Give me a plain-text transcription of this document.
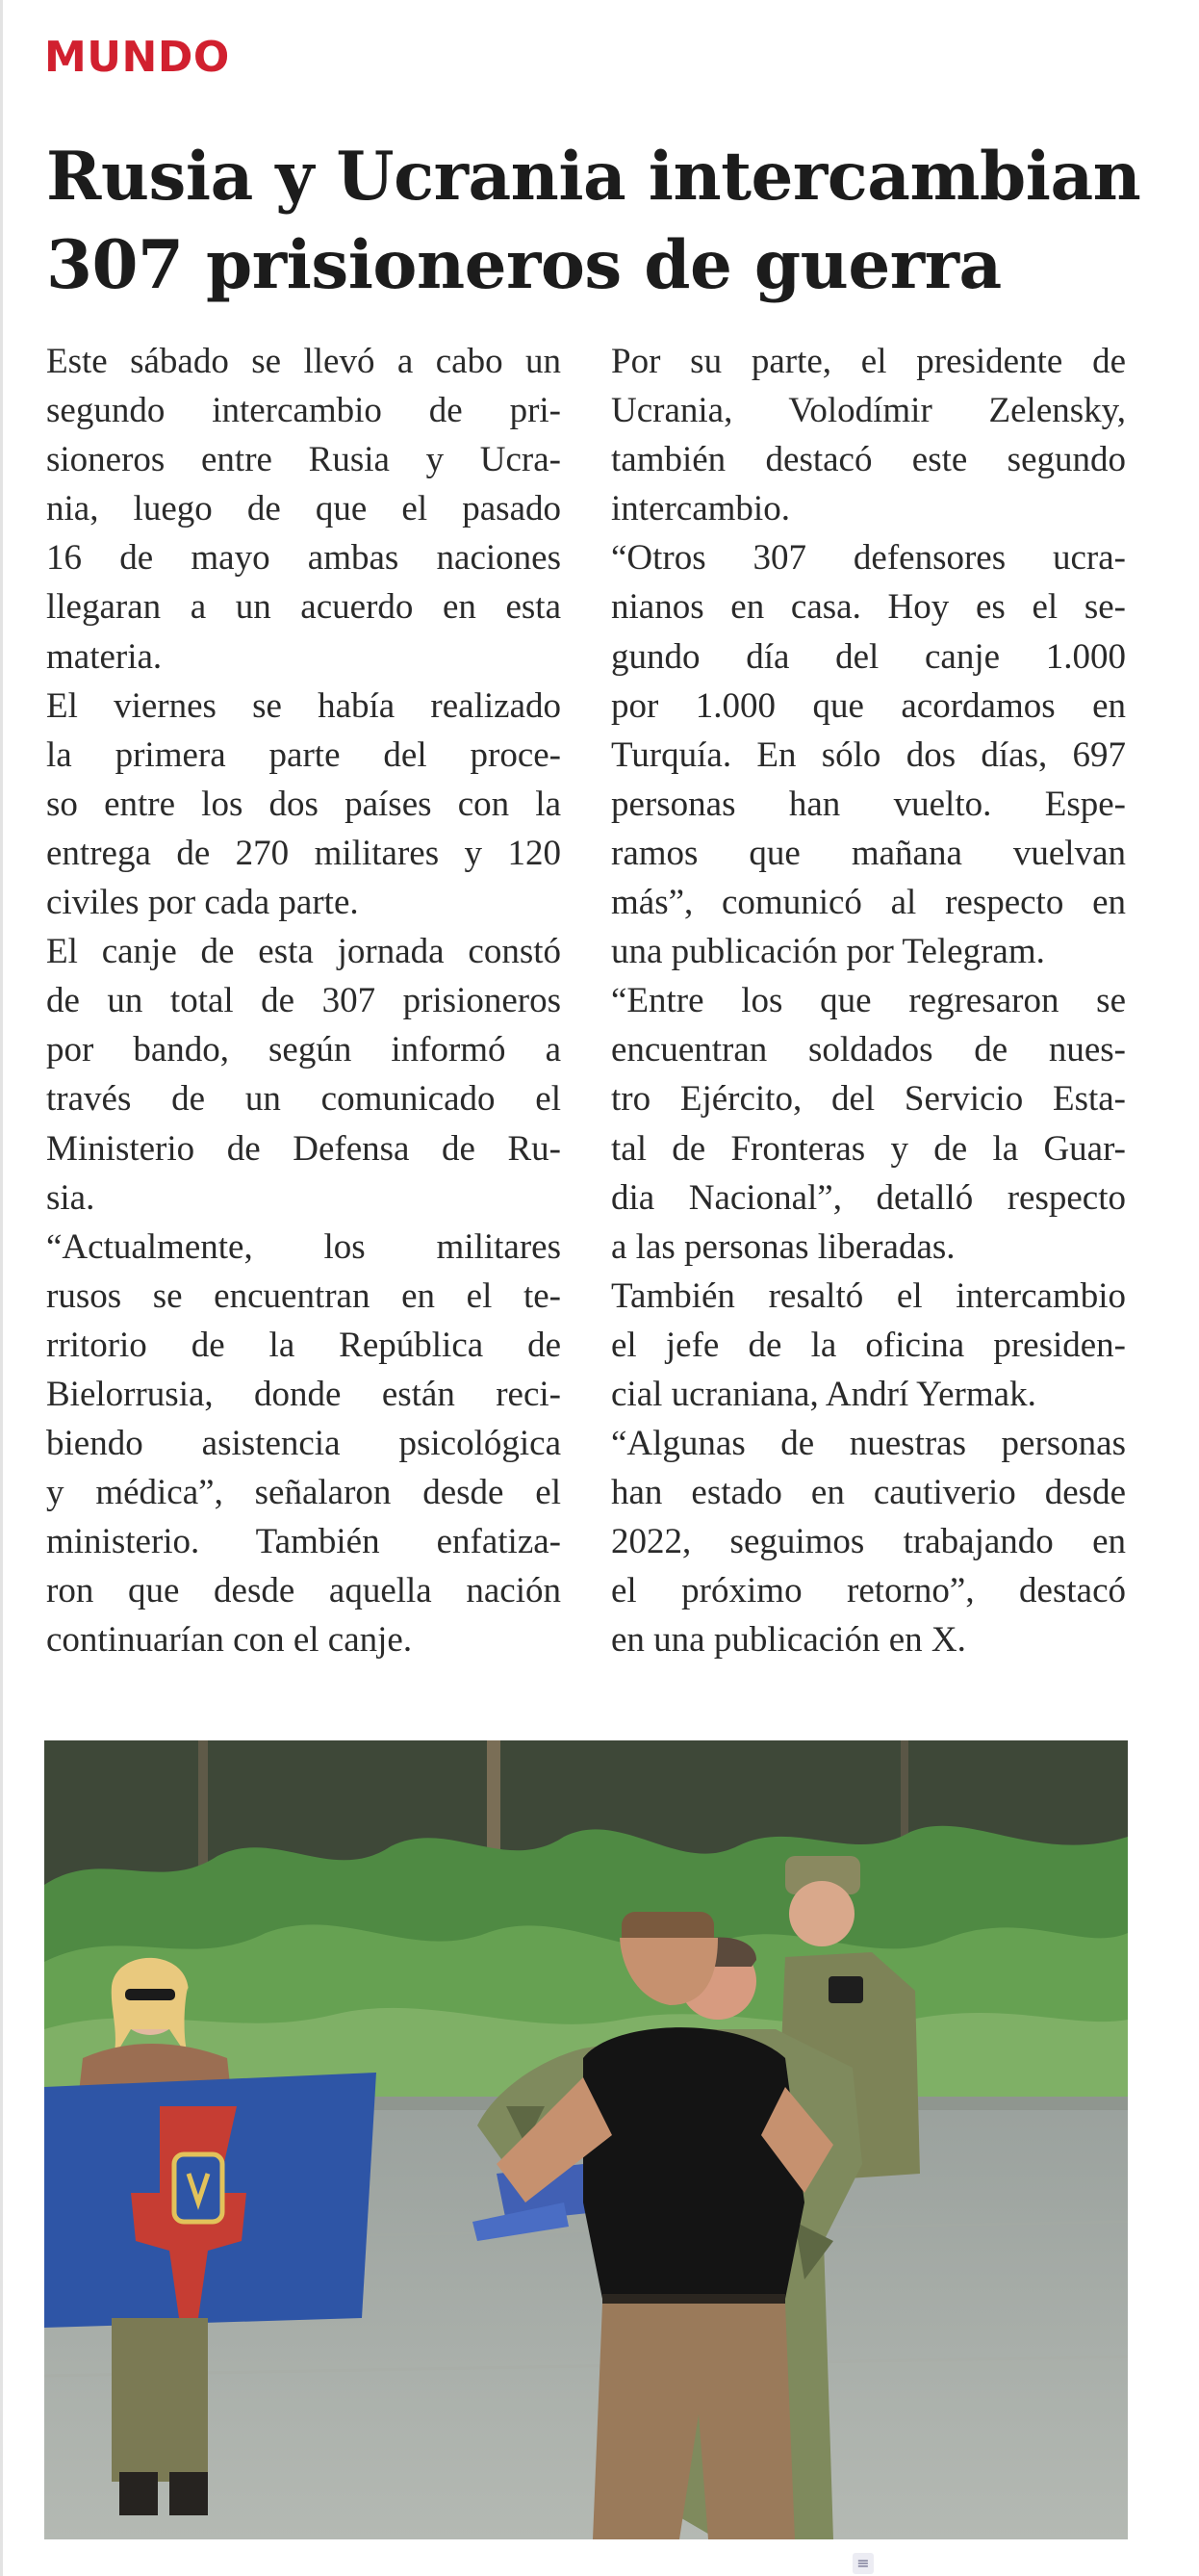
MUNDO
Rusia y Ucrania intercambian
307 prisioneros de guerra
Este sábado se llevó a cabo un
segundo intercambio de pri-
sioneros entre Rusia y Ucra-
nia, luego de que el pasado
16 de mayo ambas naciones
llegaran a un acuerdo en esta
materia.
El viernes se había realizado
la primera parte del proce-
so entre los dos países con la
entrega de 270 militares y 120
civiles por cada parte.
El canje de esta jornada constó
de un total de 307 prisioneros
por bando, según informó a
través de un comunicado el
Ministerio de Defensa de Ru-
sia.
“Actualmente, los militares
rusos se encuentran en el te-
rritorio de la República de
Bielorrusia, donde están reci-
biendo asistencia psicológica
y médica”, señalaron desde el
ministerio. También enfatiza-
ron que desde aquella nación
continuarían con el canje.
Por su parte, el presidente de
Ucrania, Volodímir Zelensky,
también destacó este segundo
intercambio.
“Otros 307 defensores ucra-
nianos en casa. Hoy es el se-
gundo día del canje 1.000
por 1.000 que acordamos en
Turquía. En sólo dos días, 697
personas han vuelto. Espe-
ramos que mañana vuelvan
más”, comunicó al respecto en
una publicación por Telegram.
“Entre los que regresaron se
encuentran soldados de nues-
tro Ejército, del Servicio Esta-
tal de Fronteras y de la Guar-
dia Nacional”, detalló respecto
a las personas liberadas.
También resaltó el intercambio
el jefe de la oficina presiden-
cial ucraniana, Andrí Yermak.
“Algunas de nuestras personas
han estado en cautiverio desde
2022, seguimos trabajando en
el próximo retorno”, destacó
en una publicación en X.
≡
